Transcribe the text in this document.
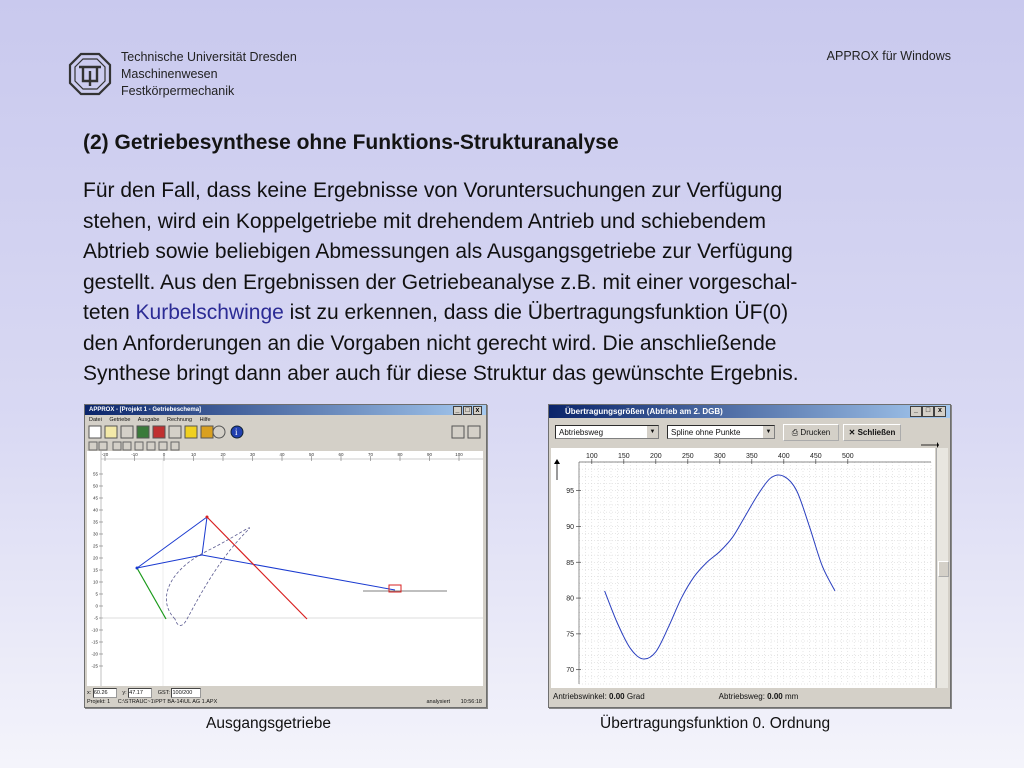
Technische Universität Dresden
Maschinenwesen
Festkörpermechanik
APPROX für Windows
(2) Getriebesynthese ohne Funktions-Strukturanalyse
Für den Fall, dass keine Ergebnisse von Voruntersuchungen zur Verfügung
stehen, wird ein Koppelgetriebe mit drehendem Antrieb und schiebendem
Abtrieb sowie beliebigen Abmessungen als Ausgangsgetriebe zur Verfügung
gestellt. Aus den Ergebnissen der Getriebeanalyse z.B. mit einer vorgeschal-
teten Kurbelschwinge ist zu erkennen, dass die Übertragungsfunktion ÜF(0)
den Anforderungen an die Vorgaben nicht gerecht wird. Die anschließende
Synthese bringt dann aber auch für diese Struktur das gewünschte Ergebnis.
APPROX - [Projekt 1 - Getriebeschema]	_ □ x
Datei Getriebe Ausgabe Rechnung Hilfe
i
-20	-10	0	10	20	30	40	50	60	70	80	90	100
55
50
45
40
35
30
25
20
15
10
5
0
-5
-10
-15
-20
-25
x: 60.26	y: 47.17	GST: 100/200
Projekt: 1 C:\STRAUC~1\PPT BA-14\UL AG 1.APX	analysiert 10:56:18
Ausgangsgetriebe
Übertragungsgrößen (Abtrieb am 2. DGB)	_	□	x
Abtriebsweg	▼	Spline ohne Punkte	▼	⎙ Drucken	✕ Schließen
100	150	200	250	300	350	400	450	500
70
75
80
85
90
95
Antriebswinkel: 0.00 Grad	Abtriebsweg: 0.00 mm
Übertragungsfunktion 0. Ordnung
